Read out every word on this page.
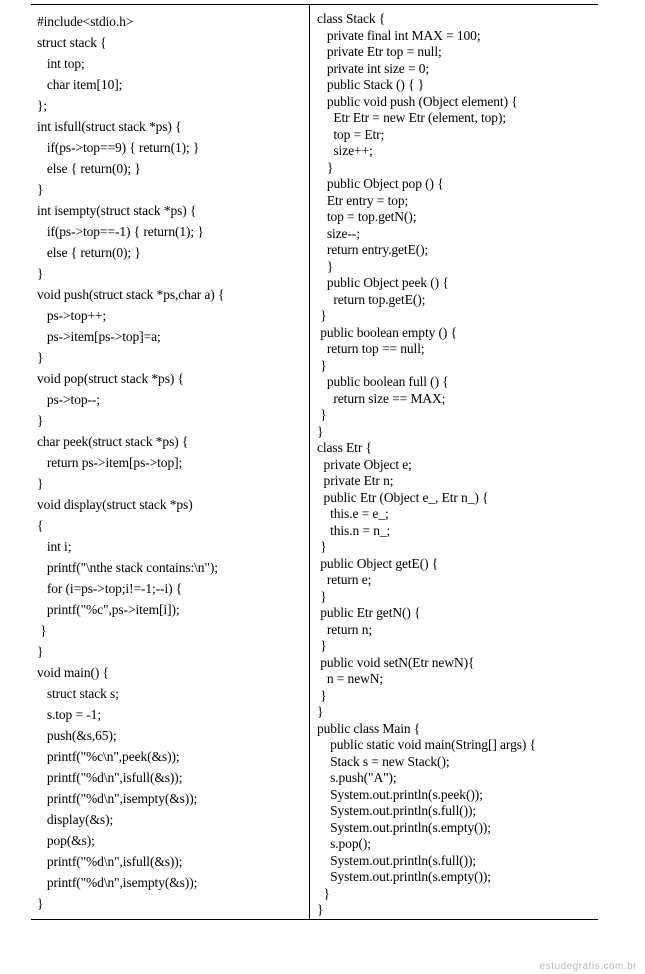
#include<stdio.h>
struct stack {
int top;
char item[10];
};
int isfull(struct stack *ps) {
if(ps->top==9) { return(1); }
else { return(0); }
}
int isempty(struct stack *ps) {
if(ps->top==-1) { return(1); }
else { return(0); }
}
void push(struct stack *ps,char a) {
ps->top++;
ps->item[ps->top]=a;
}
void pop(struct stack *ps) {
ps->top--;
}
char peek(struct stack *ps) {
return ps->item[ps->top];
}
void display(struct stack *ps)
{
int i;
printf("\nthe stack contains:\n");
for (i=ps->top;i!=-1;--i) {
printf("%c",ps->item[i]);
}
}
void main() {
struct stack s;
s.top = -1;
push(&s,65);
printf("%c\n",peek(&s));
printf("%d\n",isfull(&s));
printf("%d\n",isempty(&s));
display(&s);
pop(&s);
printf("%d\n",isfull(&s));
printf("%d\n",isempty(&s));
}
class Stack {
private final int MAX = 100;
private Etr top = null;
private int size = 0;
public Stack () { }
public void push (Object element) {
Etr Etr = new Etr (element, top);
top = Etr;
size++;
}
public Object pop () {
Etr entry = top;
top = top.getN();
size--;
return entry.getE();
}
public Object peek () {
return top.getE();
}
public boolean empty () {
return top == null;
}
public boolean full () {
return size == MAX;
}
}
class Etr {
private Object e;
private Etr n;
public Etr (Object e_, Etr n_) {
this.e = e_;
this.n = n_;
}
public Object getE() {
return e;
}
public Etr getN() {
return n;
}
public void setN(Etr newN){
n = newN;
}
}
public class Main {
public static void main(String[] args) {
Stack s = new Stack();
s.push("A");
System.out.println(s.peek());
System.out.println(s.full());
System.out.println(s.empty());
s.pop();
System.out.println(s.full());
System.out.println(s.empty());
}
}
estudegratis.com.br
